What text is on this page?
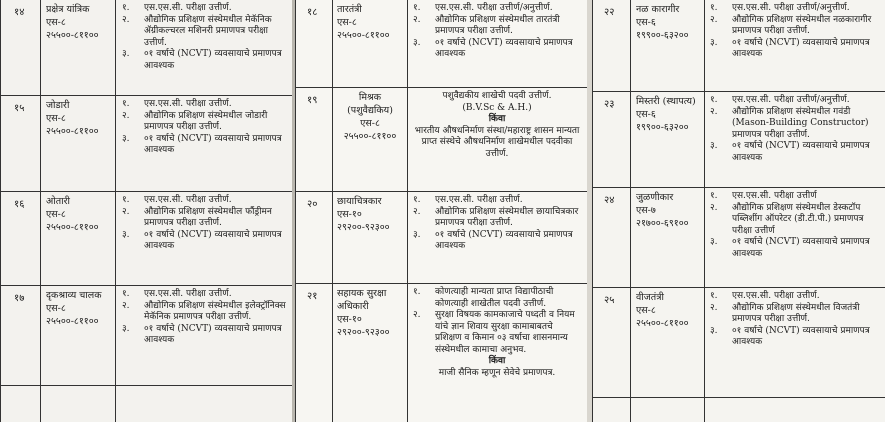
१४ प्रक्षेत्र यांत्रिक
एस-८
२५५००-८११००
१. एस.एस.सी. परीक्षा उत्तीर्ण.
२. औद्योगिक प्रशिक्षण संस्थेमधील मेकॅनिक ॲग्रीकल्चरल मशिनरी प्रमाणपत्र परीक्षा उत्तीर्ण.
३. ०१ वर्षाचे (NCVT) व्यवसायाचे प्रमाणपत्र आवश्यक
१५ जोडारी
एस-८
२५५००-८११००
१. एस.एस.सी. परीक्षा उत्तीर्ण.
२. औद्योगिक प्रशिक्षण संस्थेमधील जोडारी प्रमाणपत्र परीक्षा उत्तीर्ण.
३. ०१ वर्षाचे (NCVT) व्यवसायाचे प्रमाणपत्र आवश्यक
१६ ओतारी
एस-८
२५५००-८११००
१. एस.एस.सी. परीक्षा उत्तीर्ण.
२. औद्योगिक प्रशिक्षण संस्थेमधील फौंड्रीमन प्रमाणपत्र परीक्षा उत्तीर्ण.
३. ०१ वर्षाचे (NCVT) व्यवसायाचे प्रमाणपत्र आवश्यक
१७ दृकश्राव्य चालक
एस-८
२५५००-८११००
१. एस.एस.सी. परीक्षा उत्तीर्ण.
२. औद्योगिक प्रशिक्षण संस्थेमधील इलेक्ट्रॉनिक्स मेकॅनिक प्रमाणपत्र परीक्षा उत्तीर्ण.
३. ०१ वर्षाचे (NCVT) व्यवसायाचे प्रमाणपत्र आवश्यक
१८ तारतंत्री
एस-८
२५५००-८११००
१. एस.एस.सी. परीक्षा उत्तीर्ण/अनुत्तीर्ण.
२. औद्योगिक प्रशिक्षण संस्थेमधील तारतंत्री प्रमाणपत्र परीक्षा उत्तीर्ण.
३. ०१ वर्षाचे (NCVT) व्यवसायाचे प्रमाणपत्र आवश्यक
१९	मिश्रक
(पशुवैद्यकिय)
एस-८
२५५००-८११००
पशुवैद्यकीय शाखेची पदवी उत्तीर्ण.
(B.V.Sc & A.H.)
किंवा
भारतीय औषधनिर्माण संस्था/महाराष्ट्र शासन मान्यता प्राप्त संस्थेचे औषधनिर्माण शाखेमधील पदवीका उत्तीर्ण.
२० छायाचित्रकार
एस-१०
२९२००-९२३००
१. एस.एस.सी. परीक्षा उत्तीर्ण.
२. औद्योगिक प्रशिक्षण संस्थेमधील छायाचित्रकार प्रमाणपत्र परीक्षा उत्तीर्ण.
३. ०१ वर्षाचे (NCVT) व्यवसायाचे प्रमाणपत्र आवश्यक
२१ सहायक सुरक्षा
अधिकारी
एस-१०
२९२००-९२३००
१. कोणत्याही मान्यता प्राप्त विद्यापीठाची कोणत्याही शाखेतील पदवी उत्तीर्ण.
२. सुरक्षा विषयक कामकाजाचे पध्दती व नियम यांचे ज्ञान शिवाय सुरक्षा कामाबाबतचे प्रशिक्षण व किमान ०३ वर्षाचा शासनमान्य संस्थेमधील कामाचा अनुभव.
किंवा
माजी सैनिक म्हणून सेवेचे प्रमाणपत्र.
२२ नळ कारागीर
एस-६
१९९००-६३२००
१. एस.एस.सी. परीक्षा उत्तीर्ण/अनुत्तीर्ण.
२. औद्योगिक प्रशिक्षण संस्थेमधील नळकारागीर प्रमाणपत्र परीक्षा उत्तीर्ण.
३. ०१ वर्षाचे (NCVT) व्यवसायाचे प्रमाणपत्र आवश्यक
२३ मिस्तरी (स्थापत्य)
एस-६
१९९००-६३२००
१. एस.एस.सी. परीक्षा उत्तीर्ण/अनुत्तीर्ण.
२. औद्योगिक प्रशिक्षण संस्थेमधील गवंडी (Mason-Building Constructor) प्रमाणपत्र परीक्षा उत्तीर्ण.
३. ०१ वर्षाचे (NCVT) व्यवसायाचे प्रमाणपत्र आवश्यक
२४ जुळणीकार
एस-७
२१७००-६९१००
१. एस.एस.सी. परीक्षा उत्तीर्ण
२. औद्योगिक प्रशिक्षण संस्थेमधील डेस्कटॉप पब्लिशींग ऑपरेटर (डी.टी.पी.) प्रमाणपत्र परीक्षा उत्तीर्ण
३. ०१ वर्षाचे (NCVT) व्यवसायाचे प्रमाणपत्र आवश्यक
२५ वीजतंत्री
एस-८
२५५००-८११००
१. एस.एस.सी. परीक्षा उत्तीर्ण.
२. औद्योगिक प्रशिक्षण संस्थेमधील विजतंत्री प्रमाणपत्र परीक्षा उत्तीर्ण.
३. ०१ वर्षाचे (NCVT) व्यवसायाचे प्रमाणपत्र आवश्यक
